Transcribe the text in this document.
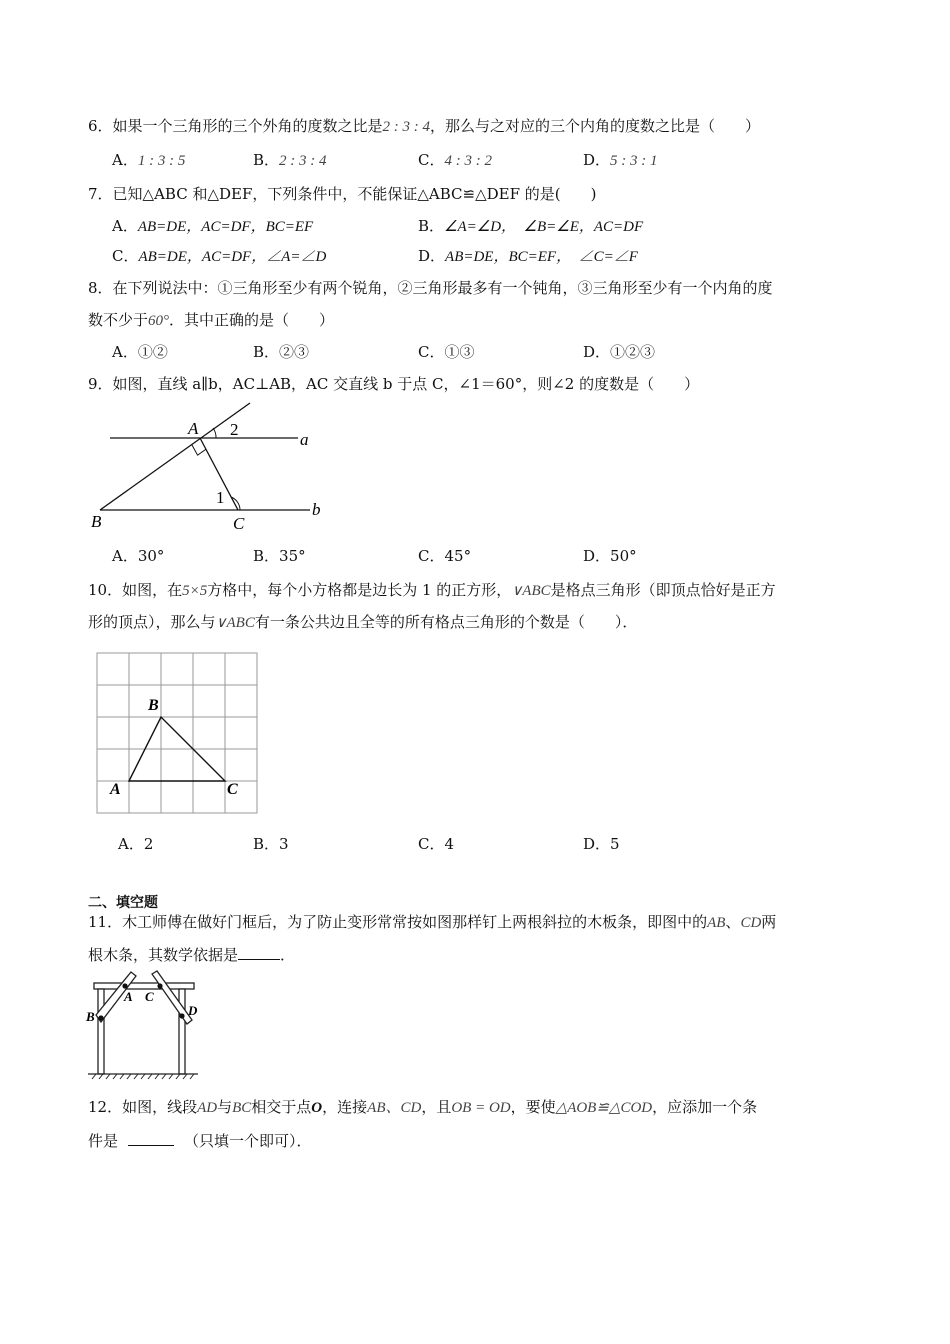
6．如果一个三角形的三个外角的度数之比是2 : 3 : 4，那么与之对应的三个内角的度数之比是（　　）
A．1 : 3 : 5	B．2 : 3 : 4	C．4 : 3 : 2	D．5 : 3 : 1
7．已知△ABC 和△DEF，下列条件中，不能保证△ABC≌△DEF 的是(　　)
A．AB=DE，AC=DF，BC=EF	B．∠A=∠D，　∠B=∠E，AC=DF
C．AB=DE，AC=DF，∠A=∠D	D．AB=DE，BC=EF，　∠C=∠F
8．在下列说法中：①三角形至少有两个锐角，②三角形最多有一个钝角，③三角形至少有一个内角的度
数不少于60°．其中正确的是（　　）
A．①②	B．②③	C．①③	D．①②③
9．如图，直线 a∥b，AC⊥AB，AC 交直线 b 于点 C，∠1＝60°，则∠2 的度数是（　　）
A 2
a
1
B	C
b
A．30°	B．35°	C．45°	D．50°
10．如图，在5×5方格中，每个小方格都是边长为 1 的正方形，∨ABC是格点三角形（即顶点恰好是正方
形的顶点），那么与∨ABC有一条公共边且全等的所有格点三角形的个数是（　　）．
B
A	C
A．2	B．3	C．4	D．5
二、填空题
11．木工师傅在做好门框后，为了防止变形常常按如图那样钉上两根斜拉的木板条，即图中的AB、CD两
根木条，其数学依据是	．
A
B
C
D
12．如图，线段AD与BC相交于点O，连接AB、CD，且OB = OD，要使△AOB≌△COD，应添加一个条
件是	（只填一个即可）．
